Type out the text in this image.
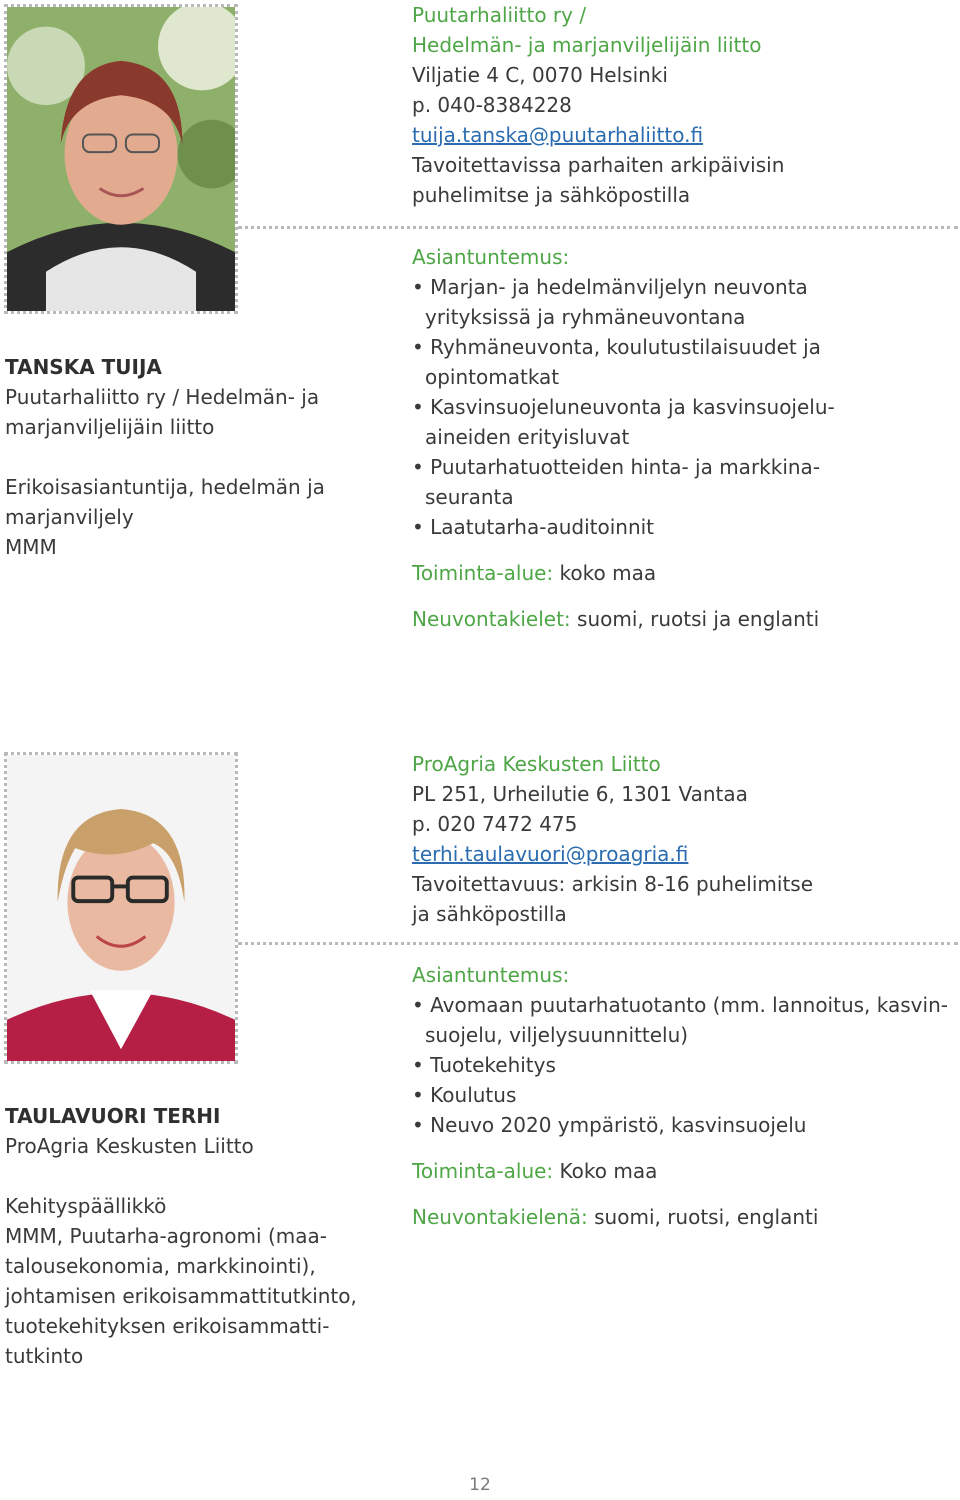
TANSKA TUIJA
Puutarhaliitto ry / Hedelmän- ja
marjanviljelijäin liitto
Erikoisasiantuntija, hedelmän ja
marjanviljely
MMM
Puutarhaliitto ry /
Hedelmän- ja marjanviljelijäin liitto
Viljatie 4 C, 0070 Helsinki
p. 040-8384228
tuija.tanska@puutarhaliitto.fi
Tavoitettavissa parhaiten arkipäivisin
puhelimitse ja sähköpostilla
Asiantuntemus:
• Marjan- ja hedelmänviljelyn neuvonta
yrityksissä ja ryhmäneuvontana
• Ryhmäneuvonta, koulutustilaisuudet ja
opintomatkat
• Kasvinsuojeluneuvonta ja kasvinsuojelu-
aineiden erityisluvat
• Puutarhatuotteiden hinta- ja markkina-
seuranta
• Laatutarha-auditoinnit
Toiminta-alue: koko maa
Neuvontakielet: suomi, ruotsi ja englanti
TAULAVUORI TERHI
ProAgria Keskusten Liitto
Kehityspäällikkö
MMM, Puutarha-agronomi (maa-
talousekonomia, markkinointi),
johtamisen erikoisammattitutkinto,
tuotekehityksen erikoisammatti-
tutkinto
ProAgria Keskusten Liitto
PL 251, Urheilutie 6, 1301 Vantaa
p. 020 7472 475
terhi.taulavuori@proagria.fi
Tavoitettavuus: arkisin 8-16 puhelimitse
ja sähköpostilla
Asiantuntemus:
• Avomaan puutarhatuotanto (mm. lannoitus, kasvin-
suojelu, viljelysuunnittelu)
• Tuotekehitys
• Koulutus
• Neuvo 2020 ympäristö, kasvinsuojelu
Toiminta-alue: Koko maa
Neuvontakielenä: suomi, ruotsi, englanti
12
